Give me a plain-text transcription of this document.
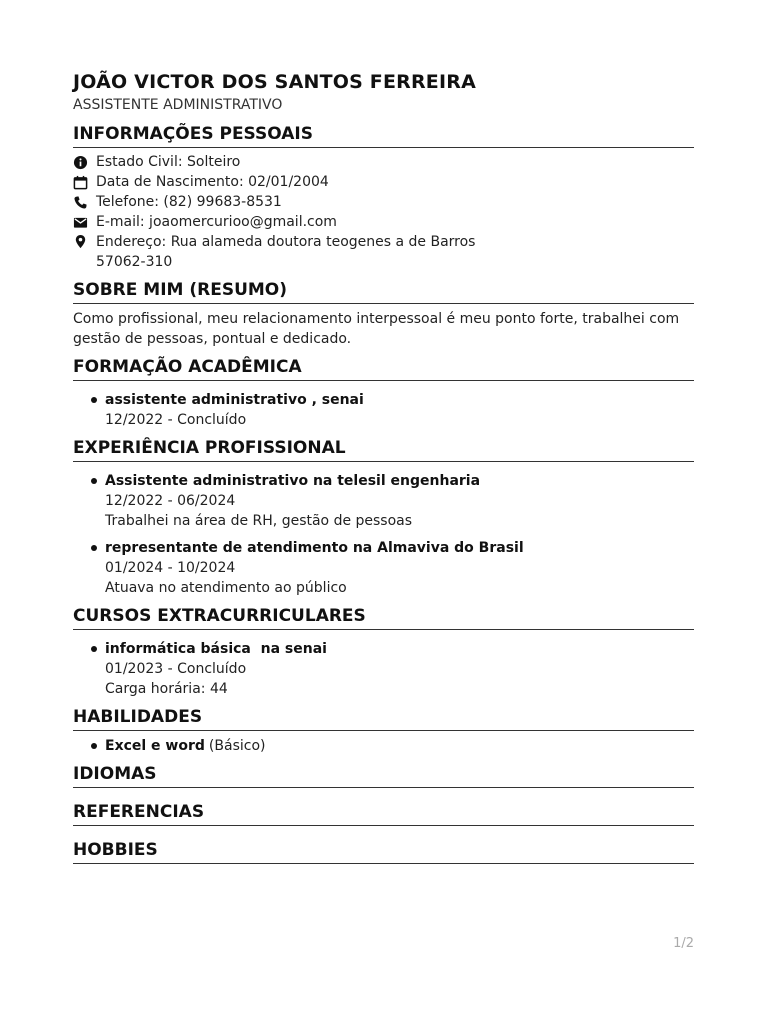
JOÃO VICTOR DOS SANTOS FERREIRA
ASSISTENTE ADMINISTRATIVO
INFORMAÇÕES PESSOAIS
Estado Civil: Solteiro
Data de Nascimento: 02/01/2004
Telefone: (82) 99683-8531
E-mail: joaomercurioo@gmail.com
Endereço: Rua alameda doutora teogenes a de Barros
57062-310
SOBRE MIM (RESUMO)

Como profissional, meu relacionamento interpessoal é meu ponto forte, trabalhei com gestão de pessoas, pontual e dedicado.

FORMAÇÃO ACADÊMICA
assistente administrativo , senai
12/2022 - Concluído
EXPERIÊNCIA PROFISSIONAL
Assistente administrativo na telesil engenharia
12/2022 - 06/2024
Trabalhei na área de RH, gestão de pessoas
representante de atendimento na Almaviva do Brasil
01/2024 - 10/2024
Atuava no atendimento ao público
CURSOS EXTRACURRICULARES
informática básica  na senai
01/2023 - Concluído
Carga horária: 44
HABILIDADES
Excel e word (Básico)
IDIOMAS
REFERENCIAS
HOBBIES
1/2
